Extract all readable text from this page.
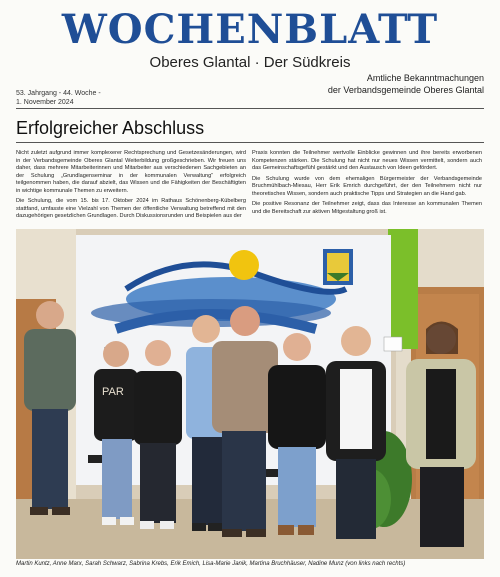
WOCHENBLATT
Oberes Glantal · Der Südkreis
Amtliche Bekanntmachungen
der Verbandsgemeinde Oberes Glantal
53. Jahrgang - 44. Woche -
1. November 2024
Erfolgreicher Abschluss

Nicht zuletzt aufgrund immer komplexerer Rechtsprechung und Gesetzesänderungen, wird in der Verbandsgemeinde Oberes Glantal Weiterbildung großgeschrieben. Wir freuen uns daher, dass mehrere Mitarbeiterinnen und Mitarbeiter aus verschiedenen Sachgebieten an der Schulung „Grundlagenseminar in der kommunalen Verwaltung“ erfolgreich teilgenommen haben, die darauf abzielt, das Wissen und die Fähigkeiten der Beschäftigten in wichtige kommunale Themen zu erweitern.

Die Schulung, die vom 15. bis 17. Oktober 2024 im Rathaus Schönenberg-Kübelberg stattfand, umfasste eine Vielzahl von Themen der öffentliche Verwaltung betreffend mit den dazugehörigen gesetzlichen Grundlagen. Durch Diskussionsrunden und Beispielen aus der

Praxis konnten die Teilnehmer wertvolle Einblicke gewinnen und ihre bereits erworbenen Kompetenzen stärken. Die Schulung hat nicht nur neues Wissen vermittelt, sondern auch das Gemeinschaftsgefühl gestärkt und den Austausch von Ideen gefördert.

Die Schulung wurde von dem ehemaligen Bürgermeister der Verbandsgemeinde Bruchmühlbach-Miesau, Herr Erik Emrich durchgeführt, der den Teilnehmern nicht nur theoretisches Wissen, sondern auch praktische Tipps und Strategien an die Hand gab.

Die positive Resonanz der Teilnehmer zeigt, dass das Interesse an kommunalen Themen und die Bereitschaft zur aktiven Mitgestaltung groß ist.

PAR
Martin Kuntz, Anne Marx, Sarah Schwarz, Sabrina Krebs, Erik Emich, Lisa-Marie Janik, Martina Bruchhäuser, Nadine Munz (von links nach rechts)
